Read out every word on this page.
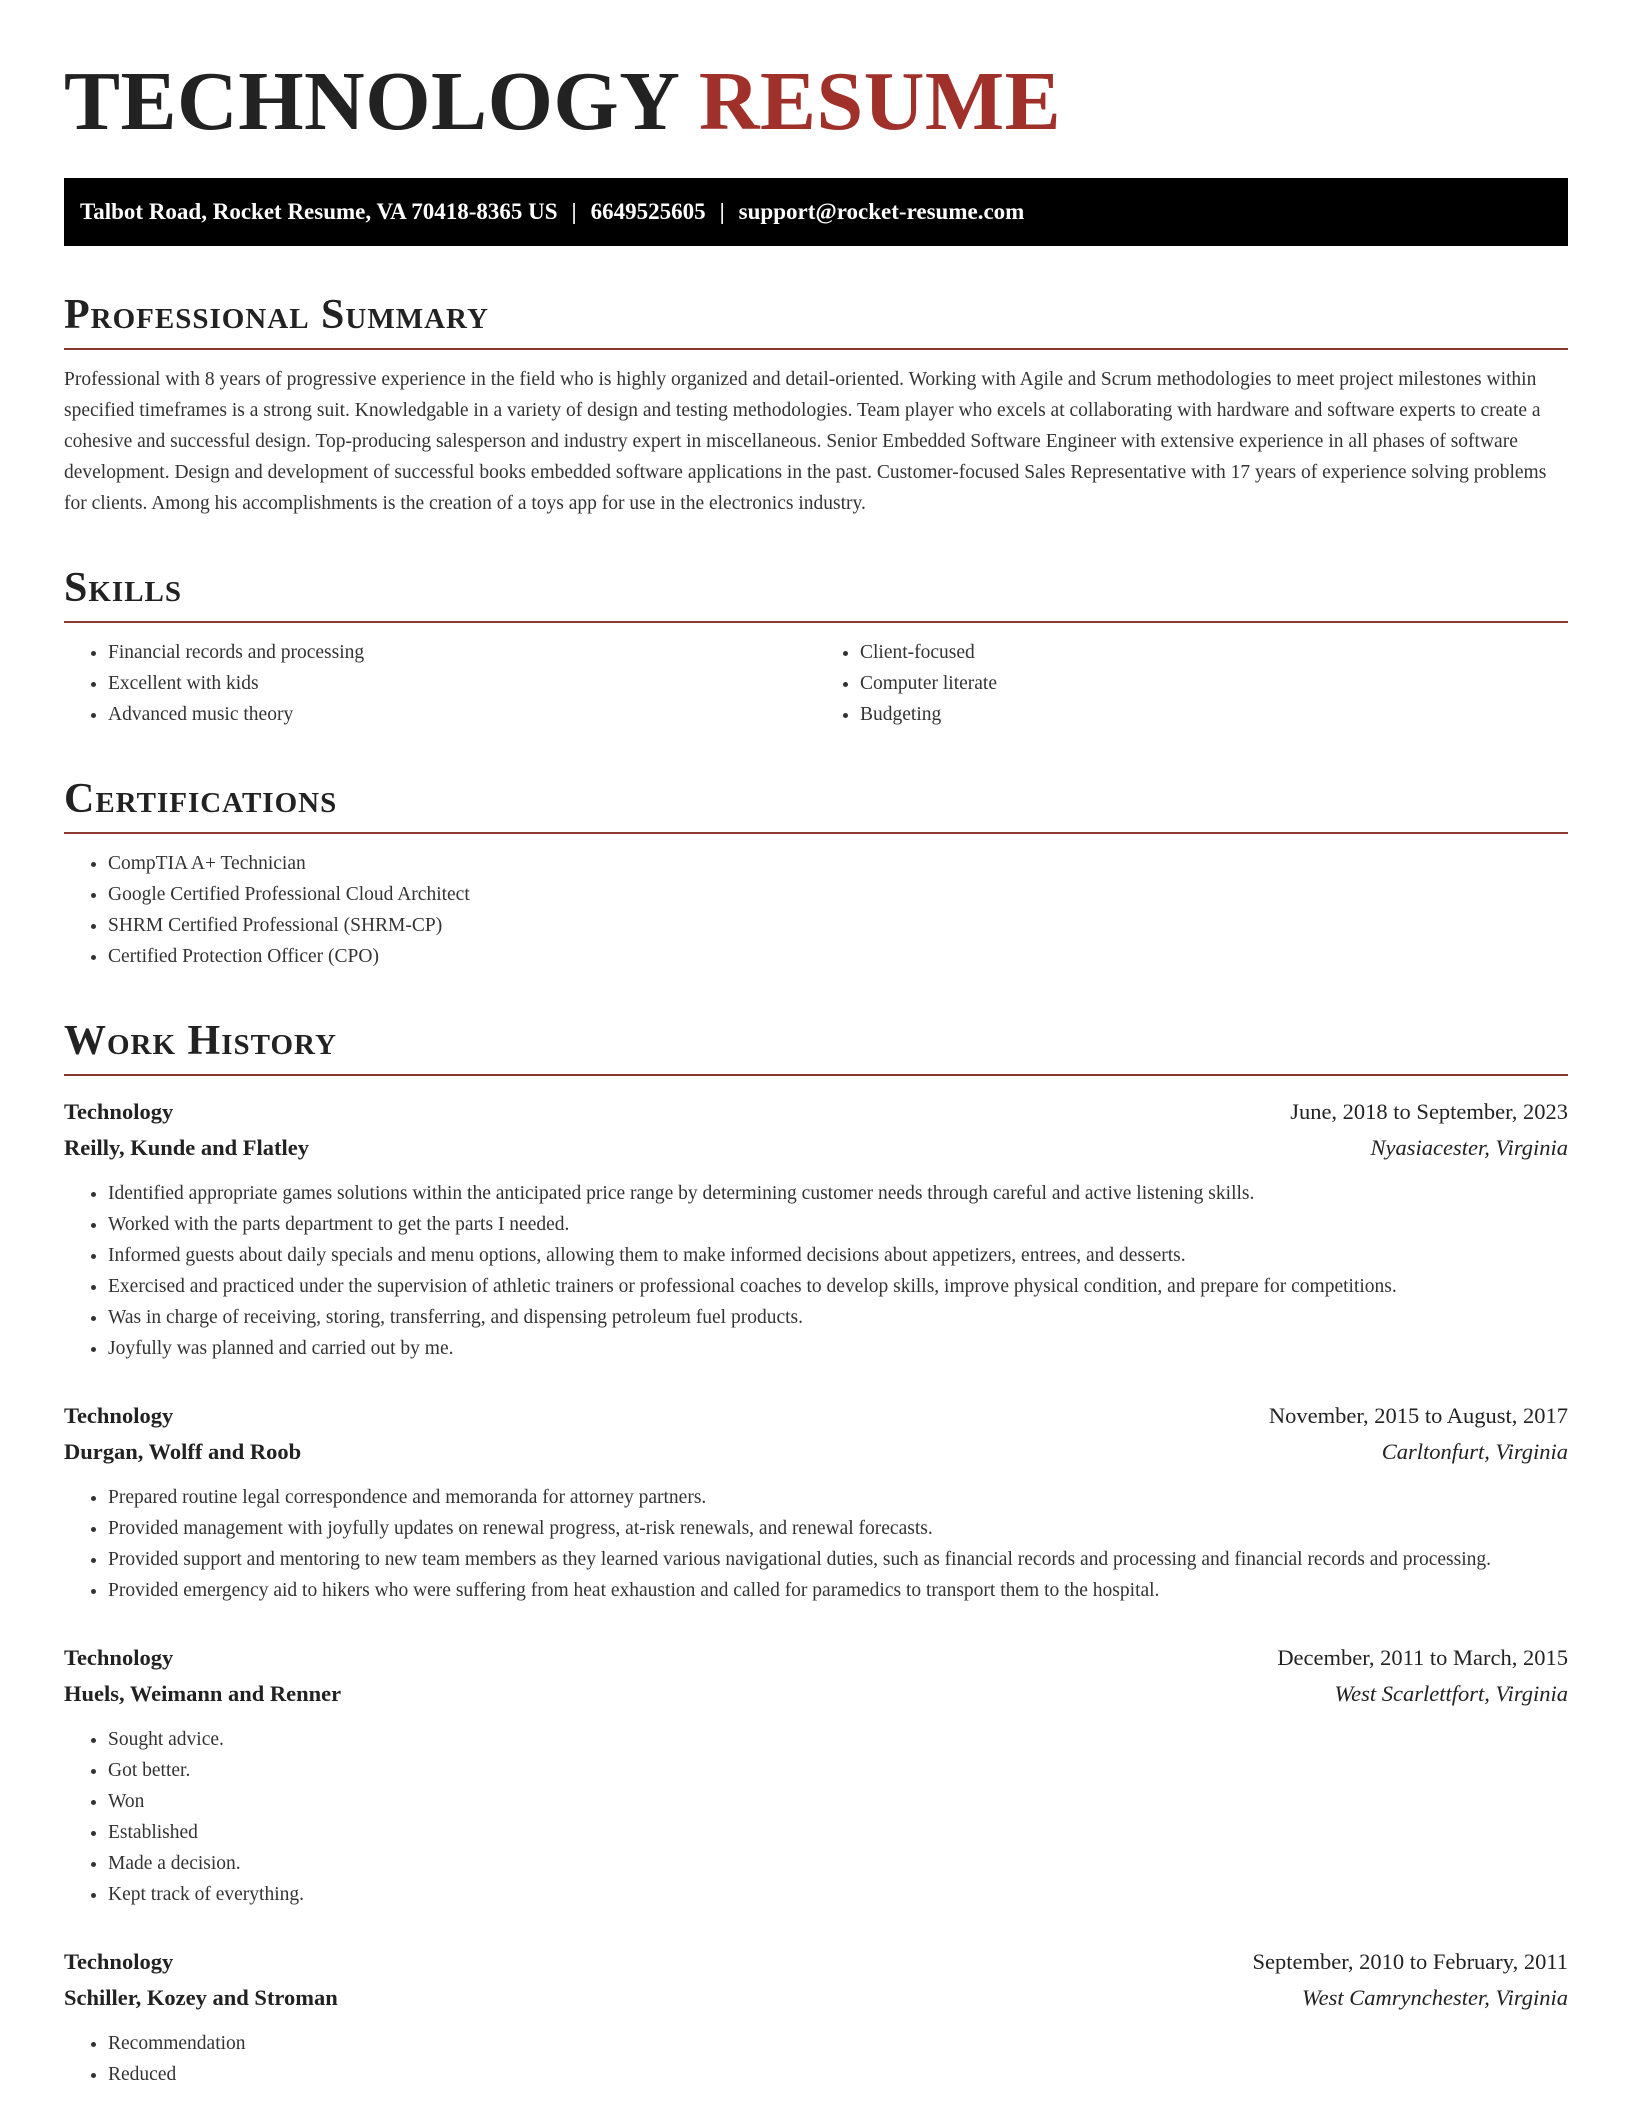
TECHNOLOGY RESUME
Talbot Road, Rocket Resume, VA 70418-8365 US | 6649525605 | support@rocket-resume.com
Professional Summary

Professional with 8 years of progressive experience in the field who is highly organized and detail-oriented. Working with Agile and Scrum methodologies to meet project milestones within specified timeframes is a strong suit. Knowledgable in a variety of design and testing methodologies. Team player who excels at collaborating with hardware and software experts to create a cohesive and successful design. Top-producing salesperson and industry expert in miscellaneous. Senior Embedded Software Engineer with extensive experience in all phases of software development. Design and development of successful books embedded software applications in the past. Customer-focused Sales Representative with 17 years of experience solving problems for clients. Among his accomplishments is the creation of a toys app for use in the electronics industry.

Skills
• Financial records and processing
• Excellent with kids
• Advanced music theory
• Client-focused
• Computer literate
• Budgeting
Certifications
• CompTIA A+ Technician
• Google Certified Professional Cloud Architect
• SHRM Certified Professional (SHRM-CP)
• Certified Protection Officer (CPO)
Work History
Technology	June, 2018 to September, 2023
Reilly, Kunde and Flatley	Nyasiacester, Virginia
• Identified appropriate games solutions within the anticipated price range by determining customer needs through careful and active listening skills.
• Worked with the parts department to get the parts I needed.
• Informed guests about daily specials and menu options, allowing them to make informed decisions about appetizers, entrees, and desserts.
• Exercised and practiced under the supervision of athletic trainers or professional coaches to develop skills, improve physical condition, and prepare for competitions.
• Was in charge of receiving, storing, transferring, and dispensing petroleum fuel products.
• Joyfully was planned and carried out by me.
Technology	November, 2015 to August, 2017
Durgan, Wolff and Roob	Carltonfurt, Virginia
• Prepared routine legal correspondence and memoranda for attorney partners.
• Provided management with joyfully updates on renewal progress, at-risk renewals, and renewal forecasts.
• Provided support and mentoring to new team members as they learned various navigational duties, such as financial records and processing and financial records and processing.
• Provided emergency aid to hikers who were suffering from heat exhaustion and called for paramedics to transport them to the hospital.
Technology	December, 2011 to March, 2015
Huels, Weimann and Renner	West Scarlettfort, Virginia
• Sought advice.
• Got better.
• Won
• Established
• Made a decision.
• Kept track of everything.
Technology	September, 2010 to February, 2011
Schiller, Kozey and Stroman	West Camrynchester, Virginia
• Recommendation
• Reduced
